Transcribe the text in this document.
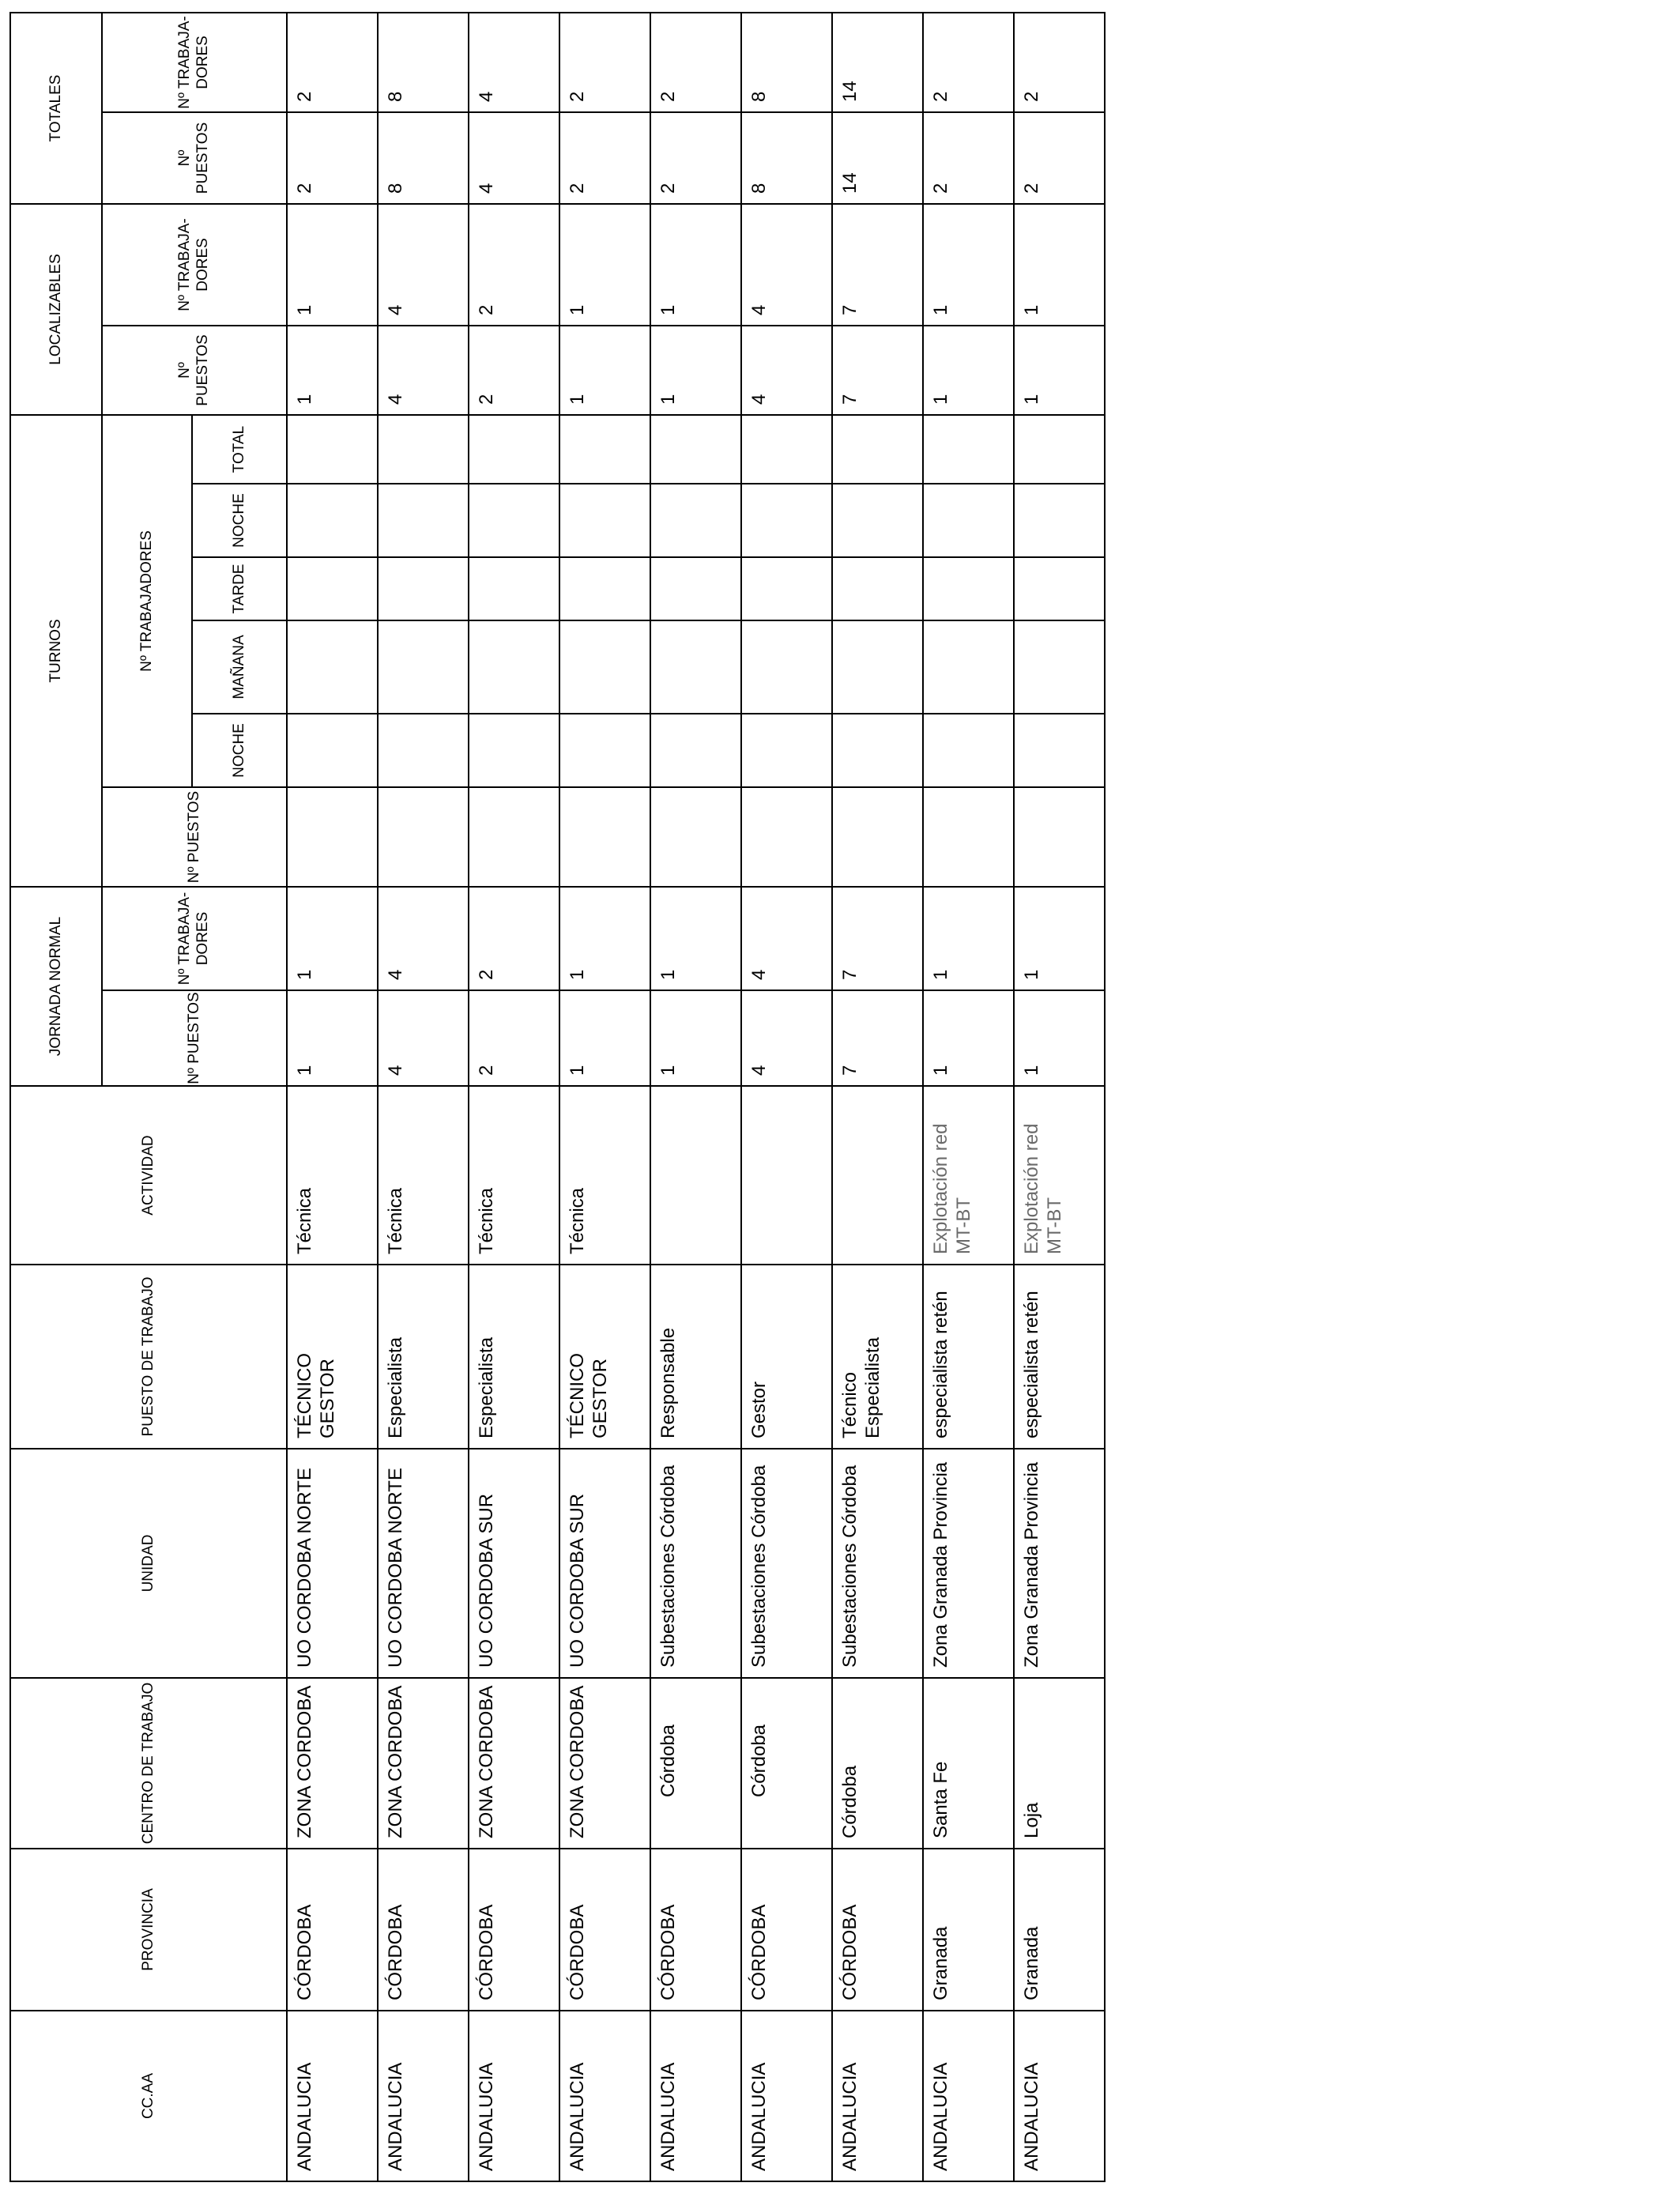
CC.AA	PROVINCIA	CENTRO DE TRABAJO	UNIDAD	PUESTO DE TRABAJO	ACTIVIDAD	JORNADA NORMAL		TURNOS						LOCALIZABLES		TOTALES	
						Nº PUESTOS	Nº TRABAJA-DORES	Nº PUESTOS	Nº TRABAJADORES					Nº PUESTOS	Nº TRABAJA-DORES	Nº PUESTOS	Nº TRABAJA-DORES
									NOCHE	MAÑANA	TARDE	NOCHE	TOTAL				
ANDALUCIA	CÓRDOBA	ZONA CORDOBA	UO CORDOBA NORTE	TÉCNICO GESTOR	Técnica	1	1							1	1	2	2
ANDALUCIA	CÓRDOBA	ZONA CORDOBA	UO CORDOBA NORTE	Especialista	Técnica	4	4							4	4	8	8
ANDALUCIA	CÓRDOBA	ZONA CORDOBA	UO CORDOBA SUR	Especialista	Técnica	2	2							2	2	4	4
ANDALUCIA	CÓRDOBA	ZONA CORDOBA	UO CORDOBA SUR	TÉCNICO GESTOR	Técnica	1	1							1	1	2	2
ANDALUCIA	CÓRDOBA	Córdoba	Subestaciones Córdoba	Responsable		1	1							1	1	2	2
ANDALUCIA	CÓRDOBA	Córdoba	Subestaciones Córdoba	Gestor		4	4							4	4	8	8
ANDALUCIA	CÓRDOBA	Córdoba	Subestaciones Córdoba	Técnico Especialista		7	7							7	7	14	14
ANDALUCIA	Granada	Santa Fe	Zona Granada Provincia	especialista retén	Explotación red MT-BT	1	1							1	1	2	2
ANDALUCIA	Granada	Loja	Zona Granada Provincia	especialista retén	Explotación red MT-BT	1	1							1	1	2	2
